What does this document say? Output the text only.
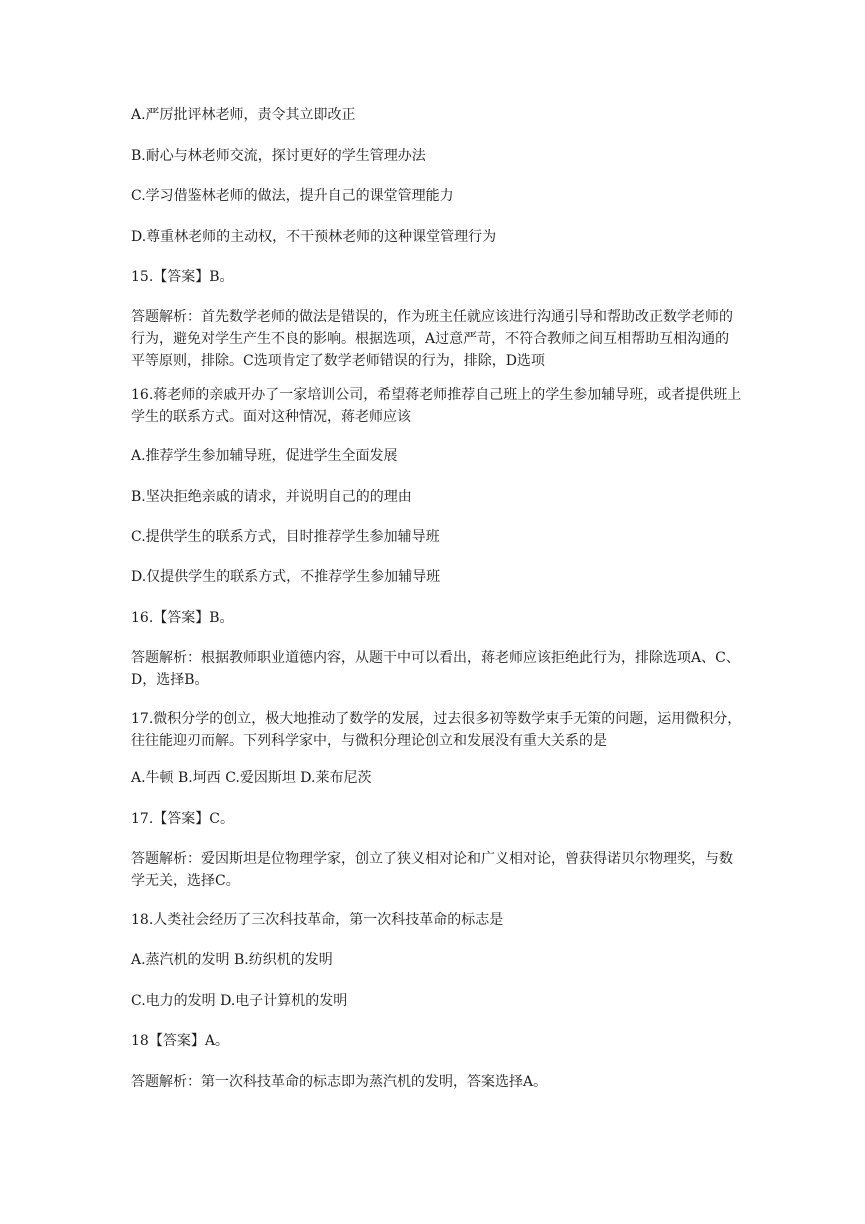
A.严厉批评林老师，责令其立即改正

B.耐心与林老师交流，探讨更好的学生管理办法

C.学习借鉴林老师的做法，提升自己的课堂管理能力

D.尊重林老师的主动权，不干预林老师的这种课堂管理行为

15.【答案】B。

答题解析：首先数学老师的做法是错误的，作为班主任就应该进行沟通引导和帮助改正数学老师的行为，避免对学生产生不良的影响。根据选项，A过意严苛，不符合教师之间互相帮助互相沟通的平等原则，排除。C选项肯定了数学老师错误的行为，排除，D选项

16.蒋老师的亲戚开办了一家培训公司，希望蒋老师推荐自己班上的学生参加辅导班，或者提供班上学生的联系方式。面对这种情况，蒋老师应该

A.推荐学生参加辅导班，促进学生全面发展

B.坚决拒绝亲戚的请求，并说明自己的的理由

C.提供学生的联系方式，目时推荐学生参加辅导班

D.仅提供学生的联系方式，不推荐学生参加辅导班

16.【答案】B。

答题解析：根据教师职业道德内容，从题干中可以看出，蒋老师应该拒绝此行为，排除选项A、C、D，选择B。

17.微积分学的创立，极大地推动了数学的发展，过去很多初等数学束手无策的问题，运用微积分，往往能迎刃而解。下列科学家中，与微积分理论创立和发展没有重大关系的是

A.牛顿 B.坷西 C.爱因斯坦 D.莱布尼茨

17.【答案】C。

答题解析：爱因斯坦是位物理学家，创立了狭义相对论和广义相对论，曾获得诺贝尔物理奖，与数学无关，选择C。

18.人类社会经历了三次科技革命，第一次科技革命的标志是

A.蒸汽机的发明 B.纺织机的发明

C.电力的发明 D.电子计算机的发明

18【答案】A。

答题解析：第一次科技革命的标志即为蒸汽机的发明，答案选择A。
